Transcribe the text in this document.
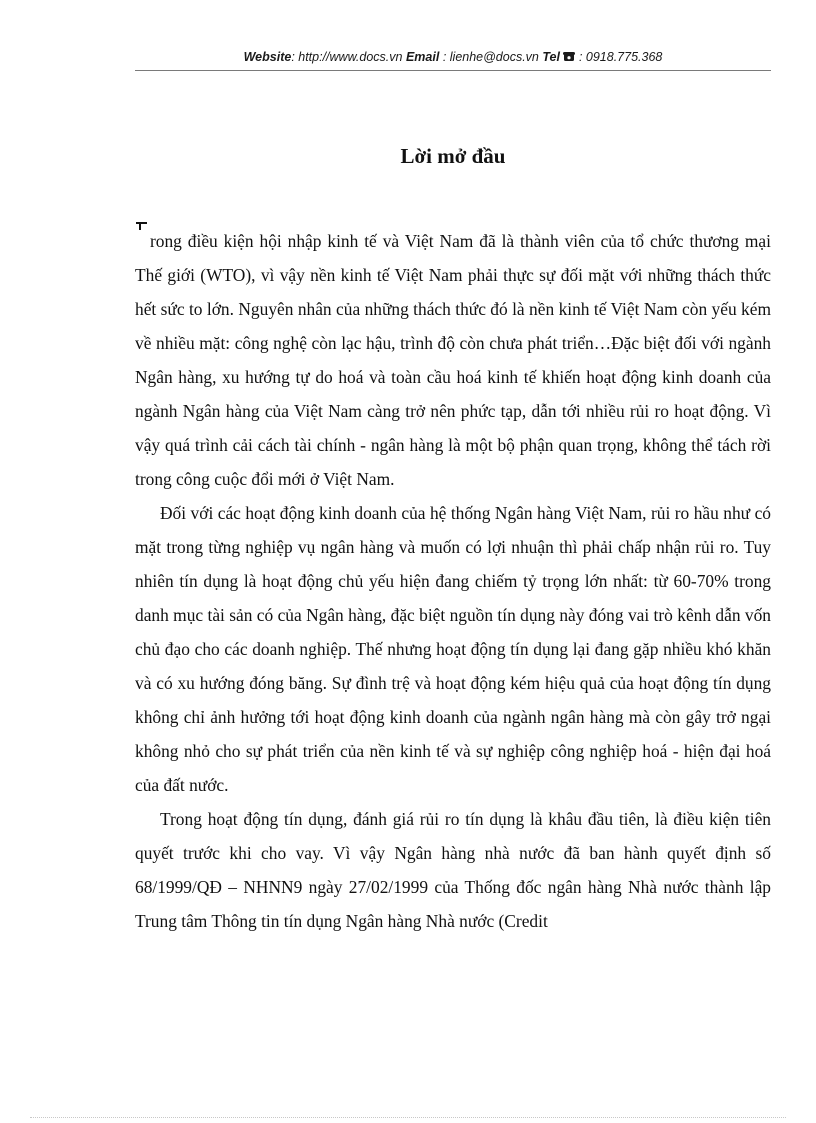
Website: http://www.docs.vn Email : lienhe@docs.vn Tel : 0918.775.368
Lời mở đầu

rong điều kiện hội nhập kinh tế và Việt Nam đã là thành viên của tổ chức thương mại Thế giới (WTO), vì vậy nền kinh tế Việt Nam phải thực sự đối mặt với những thách thức hết sức to lớn. Nguyên nhân của những thách thức đó là nền kinh tế Việt Nam còn yếu kém về nhiều mặt: công nghệ còn lạc hậu, trình độ còn chưa phát triển…Đặc biệt đối với ngành Ngân hàng, xu hướng tự do hoá và toàn cầu hoá kinh tế khiến hoạt động kinh doanh của ngành Ngân hàng của Việt Nam càng trở nên phức tạp, dẫn tới nhiều rủi ro hoạt động. Vì vậy quá trình cải cách tài chính - ngân hàng là một bộ phận quan trọng, không thể tách rời trong công cuộc đổi mới ở Việt Nam.

Đối với các hoạt động kinh doanh của hệ thống Ngân hàng Việt Nam, rủi ro hầu như có mặt trong từng nghiệp vụ ngân hàng và muốn có lợi nhuận thì phải chấp nhận rủi ro. Tuy nhiên tín dụng là hoạt động chủ yếu hiện đang chiếm tỷ trọng lớn nhất: từ 60-70% trong danh mục tài sản có của Ngân hàng, đặc biệt nguồn tín dụng này đóng vai trò kênh dẫn vốn chủ đạo cho các doanh nghiệp. Thế nhưng hoạt động tín dụng lại đang gặp nhiều khó khăn và có xu hướng đóng băng. Sự đình trệ và hoạt động kém hiệu quả của hoạt động tín dụng không chỉ ảnh hưởng tới hoạt động kinh doanh của ngành ngân hàng mà còn gây trở ngại không nhỏ cho sự phát triển của nền kinh tế và sự nghiệp công nghiệp hoá - hiện đại hoá của đất nước.

Trong hoạt động tín dụng, đánh giá rủi ro tín dụng là khâu đầu tiên, là điều kiện tiên quyết trước khi cho vay. Vì vậy Ngân hàng nhà nước đã ban hành quyết định số 68/1999/QĐ – NHNN9 ngày 27/02/1999 của Thống đốc ngân hàng Nhà nước thành lập Trung tâm Thông tin tín dụng Ngân hàng Nhà nước (Credit
